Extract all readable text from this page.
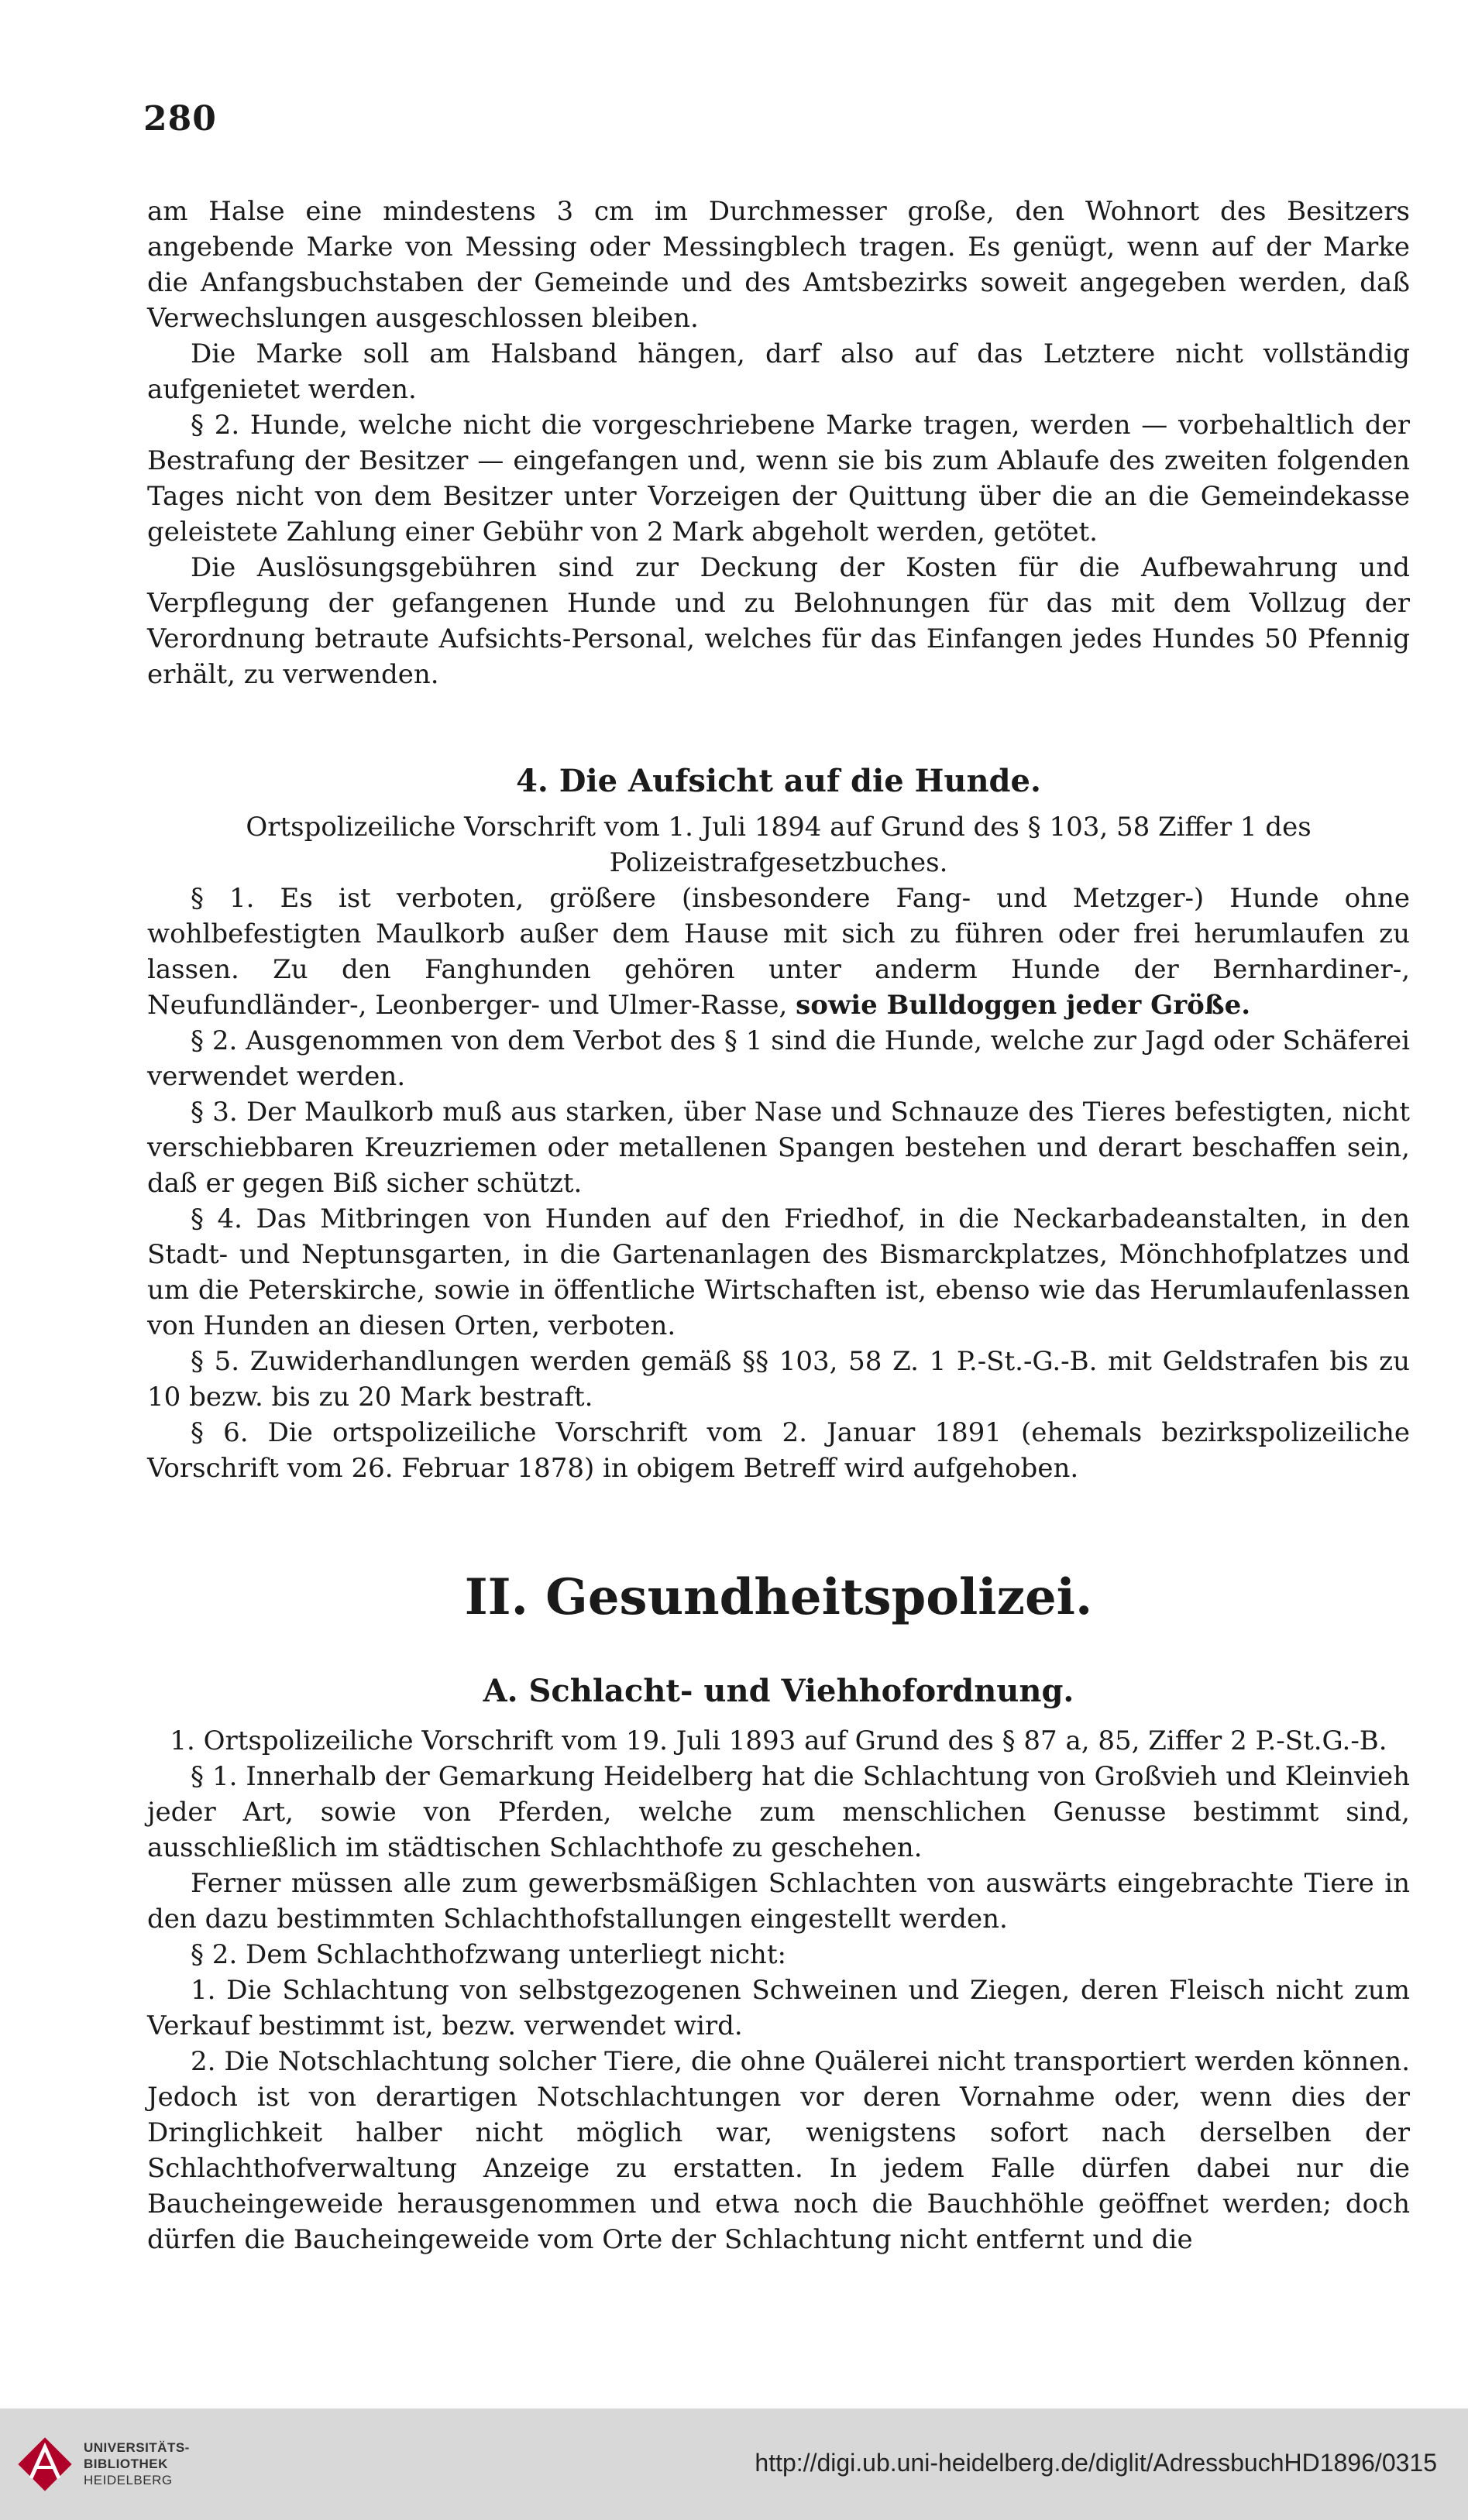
280

am Halse eine mindestens 3 cm im Durchmesser große, den Wohnort des Besitzers angebende Marke von Messing oder Messingblech tragen. Es genügt, wenn auf der Marke die Anfangsbuchstaben der Gemeinde und des Amtsbezirks soweit angegeben werden, daß Verwechslungen ausgeschlossen bleiben.

Die Marke soll am Halsband hängen, darf also auf das Letztere nicht vollständig aufgenietet werden.

§ 2. Hunde, welche nicht die vorgeschriebene Marke tragen, werden — vorbehaltlich der Bestrafung der Besitzer — eingefangen und, wenn sie bis zum Ablaufe des zweiten folgenden Tages nicht von dem Besitzer unter Vorzeigen der Quittung über die an die Gemeindekasse geleistete Zahlung einer Gebühr von 2 Mark abgeholt werden, getötet.

Die Auslösungsgebühren sind zur Deckung der Kosten für die Aufbewahrung und Verpflegung der gefangenen Hunde und zu Belohnungen für das mit dem Vollzug der Verordnung betraute Aufsichts-Personal, welches für das Einfangen jedes Hundes 50 Pfennig erhält, zu verwenden.

4. Die Aufsicht auf die Hunde.

Ortspolizeiliche Vorschrift vom 1. Juli 1894 auf Grund des § 103, 58 Ziffer 1 des Polizeistrafgesetzbuches.

§ 1. Es ist verboten, größere (insbesondere Fang- und Metzger-) Hunde ohne wohlbefestigten Maulkorb außer dem Hause mit sich zu führen oder frei herumlaufen zu lassen. Zu den Fanghunden gehören unter anderm Hunde der Bernhardiner-, Neufundländer-, Leonberger- und Ulmer-Rasse, sowie Bulldoggen jeder Größe.

§ 2. Ausgenommen von dem Verbot des § 1 sind die Hunde, welche zur Jagd oder Schäferei verwendet werden.

§ 3. Der Maulkorb muß aus starken, über Nase und Schnauze des Tieres befestigten, nicht verschiebbaren Kreuzriemen oder metallenen Spangen bestehen und derart beschaffen sein, daß er gegen Biß sicher schützt.

§ 4. Das Mitbringen von Hunden auf den Friedhof, in die Neckarbadeanstalten, in den Stadt- und Neptunsgarten, in die Gartenanlagen des Bismarckplatzes, Mönchhofplatzes und um die Peterskirche, sowie in öffentliche Wirtschaften ist, ebenso wie das Herumlaufenlassen von Hunden an diesen Orten, verboten.

§ 5. Zuwiderhandlungen werden gemäß §§ 103, 58 Z. 1 P.-St.-G.-B. mit Geldstrafen bis zu 10 bezw. bis zu 20 Mark bestraft.

§ 6. Die ortspolizeiliche Vorschrift vom 2. Januar 1891 (ehemals bezirkspolizeiliche Vorschrift vom 26. Februar 1878) in obigem Betreff wird aufgehoben.

II. Gesundheitspolizei.

A. Schlacht- und Viehhofordnung.

1. Ortspolizeiliche Vorschrift vom 19. Juli 1893 auf Grund des § 87 a, 85, Ziffer 2 P.-St.G.-B.

§ 1. Innerhalb der Gemarkung Heidelberg hat die Schlachtung von Großvieh und Kleinvieh jeder Art, sowie von Pferden, welche zum menschlichen Genusse bestimmt sind, ausschließlich im städtischen Schlachthofe zu geschehen.

Ferner müssen alle zum gewerbsmäßigen Schlachten von auswärts eingebrachte Tiere in den dazu bestimmten Schlachthofstallungen eingestellt werden.

§ 2. Dem Schlachthofzwang unterliegt nicht:

1. Die Schlachtung von selbstgezogenen Schweinen und Ziegen, deren Fleisch nicht zum Verkauf bestimmt ist, bezw. verwendet wird.

2. Die Notschlachtung solcher Tiere, die ohne Quälerei nicht transportiert werden können. Jedoch ist von derartigen Notschlachtungen vor deren Vornahme oder, wenn dies der Dringlichkeit halber nicht möglich war, wenigstens sofort nach derselben der Schlachthofverwaltung Anzeige zu erstatten. In jedem Falle dürfen dabei nur die Baucheingeweide herausgenommen und etwa noch die Bauchhöhle geöffnet werden; doch dürfen die Baucheingeweide vom Orte der Schlachtung nicht entfernt und die

UNIVERSITÄTS-
BIBLIOTHEK
HEIDELBERG
http://digi.ub.uni-heidelberg.de/diglit/AdressbuchHD1896/0315
